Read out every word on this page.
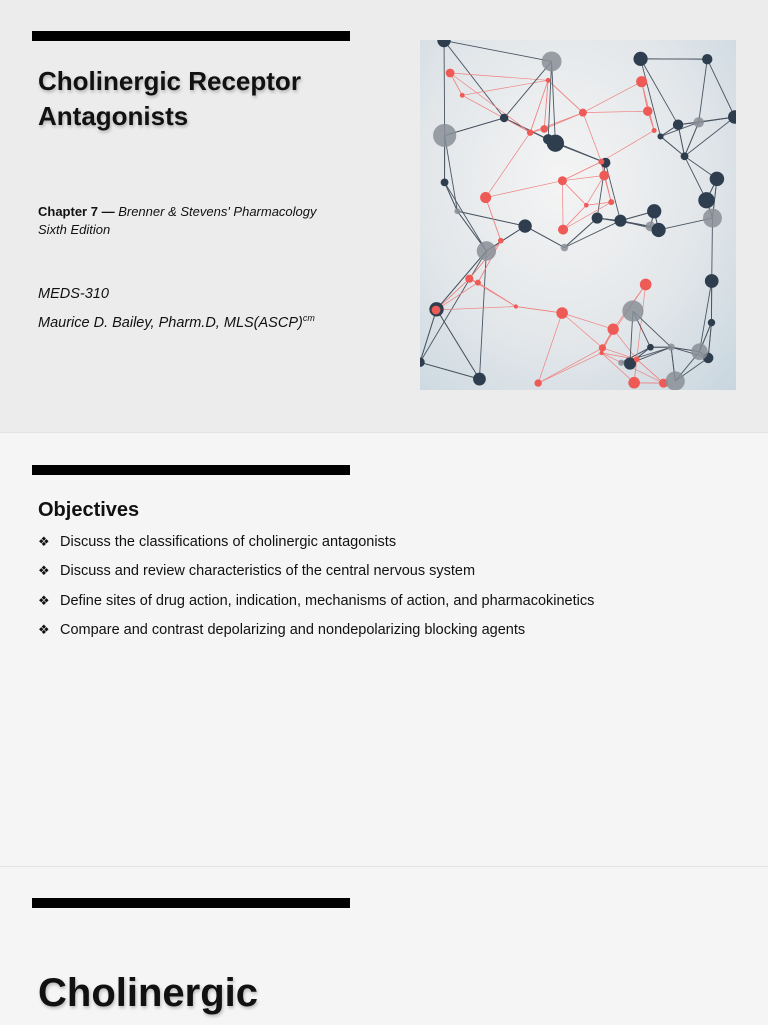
Cholinergic Receptor Antagonists
Chapter 7 — Brenner & Stevens' Pharmacology Sixth Edition
MEDS-310
Maurice D. Bailey, Pharm.D, MLS(ASCP)$^{cm}$
Objectives
❖ Discuss the classifications of cholinergic antagonists
❖ Discuss and review characteristics of the central nervous system
❖ Define sites of drug action, indication, mechanisms of action, and pharmacokinetics
❖ Compare and contrast depolarizing and nondepolarizing blocking agents
Cholinergic
